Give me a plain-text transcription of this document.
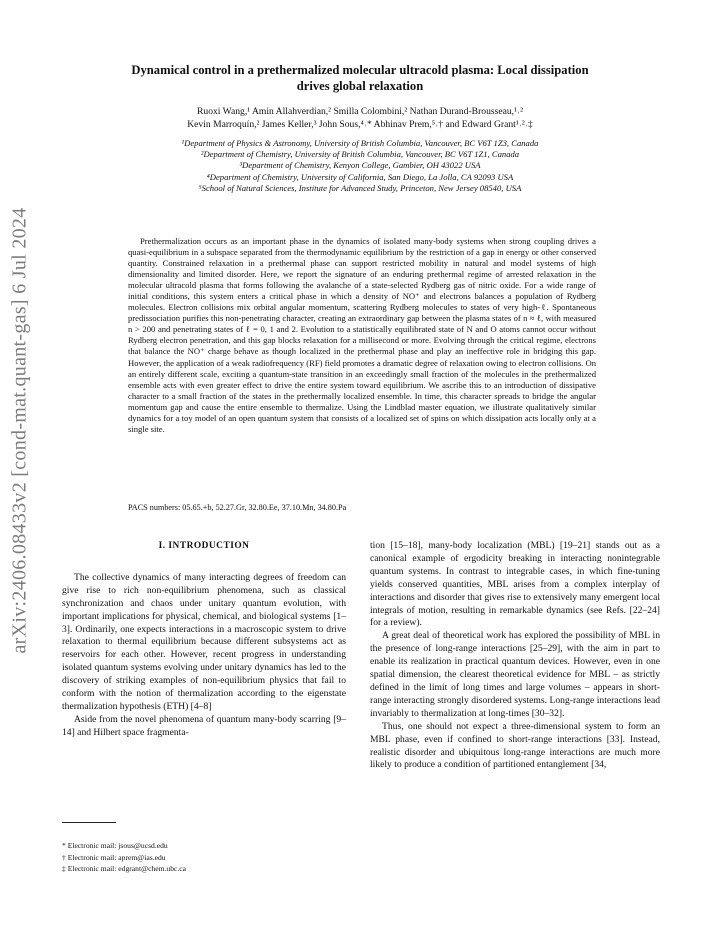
arXiv:2406.08433v2 [cond-mat.quant-gas] 6 Jul 2024
Dynamical control in a prethermalized molecular ultracold plasma: Local dissipation
drives global relaxation
Ruoxi Wang,¹ Amin Allahverdian,² Smilla Colombini,² Nathan Durand-Brousseau,¹˒²
Kevin Marroquín,² James Keller,³ John Sous,⁴˒* Abhinav Prem,⁵˒† and Edward Grant¹˒²˒‡
¹Department of Physics & Astronomy, University of British Columbia, Vancouver, BC V6T 1Z3, Canada
²Department of Chemistry, University of British Columbia, Vancouver, BC V6T 1Z1, Canada
³Department of Chemistry, Kenyon College, Gambier, OH 43022 USA
⁴Department of Chemistry, University of California, San Diego, La Jolla, CA 92093 USA
⁵School of Natural Sciences, Institute for Advanced Study, Princeton, New Jersey 08540, USA

Prethermalization occurs as an important phase in the dynamics of isolated many-body systems when strong coupling drives a quasi-equilibrium in a subspace separated from the thermodynamic equilibrium by the restriction of a gap in energy or other conserved quantity. Constrained relaxation in a prethermal phase can support restricted mobility in natural and model systems of high dimensionality and limited disorder. Here, we report the signature of an enduring prethermal regime of arrested relaxation in the molecular ultracold plasma that forms following the avalanche of a state-selected Rydberg gas of nitric oxide. For a wide range of initial conditions, this system enters a critical phase in which a density of NO⁺ and electrons balances a population of Rydberg molecules. Electron collisions mix orbital angular momentum, scattering Rydberg molecules to states of very high-ℓ. Spontaneous predissociation purifies this non-penetrating character, creating an extraordinary gap between the plasma states of n ≈ ℓ, with measured n > 200 and penetrating states of ℓ = 0, 1 and 2. Evolution to a statistically equilibrated state of N and O atoms cannot occur without Rydberg electron penetration, and this gap blocks relaxation for a millisecond or more. Evolving through the critical regime, electrons that balance the NO⁺ charge behave as though localized in the prethermal phase and play an ineffective role in bridging this gap. However, the application of a weak radiofrequency (RF) field promotes a dramatic degree of relaxation owing to electron collisions. On an entirely different scale, exciting a quantum-state transition in an exceedingly small fraction of the molecules in the prethermalized ensemble acts with even greater effect to drive the entire system toward equilibrium. We ascribe this to an introduction of dissipative character to a small fraction of the states in the prethermally localized ensemble. In time, this character spreads to bridge the angular momentum gap and cause the entire ensemble to thermalize. Using the Lindblad master equation, we illustrate qualitatively similar dynamics for a toy model of an open quantum system that consists of a localized set of spins on which dissipation acts locally only at a single site.

PACS numbers: 05.65.+b, 52.27.Gr, 32.80.Ee, 37.10.Mn, 34.80.Pa
I. INTRODUCTION

The collective dynamics of many interacting degrees of freedom can give rise to rich non-equilibrium phenomena, such as classical synchronization and chaos under unitary quantum evolution, with important implications for physical, chemical, and biological systems [1–3]. Ordinarily, one expects interactions in a macroscopic system to drive relaxation to thermal equilibrium because different subsystems act as reservoirs for each other. However, recent progress in understanding isolated quantum systems evolving under unitary dynamics has led to the discovery of striking examples of non-equilibrium physics that fail to conform with the notion of thermalization according to the eigenstate thermalization hypothesis (ETH) [4–8]

Aside from the novel phenomena of quantum many-body scarring [9–14] and Hilbert space fragmenta-

tion [15–18], many-body localization (MBL) [19–21] stands out as a canonical example of ergodicity breaking in interacting nonintegrable quantum systems. In contrast to integrable cases, in which fine-tuning yields conserved quantities, MBL arises from a complex interplay of interactions and disorder that gives rise to extensively many emergent local integrals of motion, resulting in remarkable dynamics (see Refs. [22–24] for a review).

A great deal of theoretical work has explored the possibility of MBL in the presence of long-range interactions [25–29], with the aim in part to enable its realization in practical quantum devices. However, even in one spatial dimension, the clearest theoretical evidence for MBL – as strictly defined in the limit of long times and large volumes – appears in short-range interacting strongly disordered systems. Long-range interactions lead invariably to thermalization at long-times [30–32].

Thus, one should not expect a three-dimensional system to form an MBL phase, even if confined to short-range interactions [33]. Instead, realistic disorder and ubiquitous long-range interactions are much more likely to produce a condition of partitioned entanglement [34,

* Electronic mail: jsous@ucsd.edu
† Electronic mail: aprem@ias.edu
‡ Electronic mail: edgrant@chem.ubc.ca
